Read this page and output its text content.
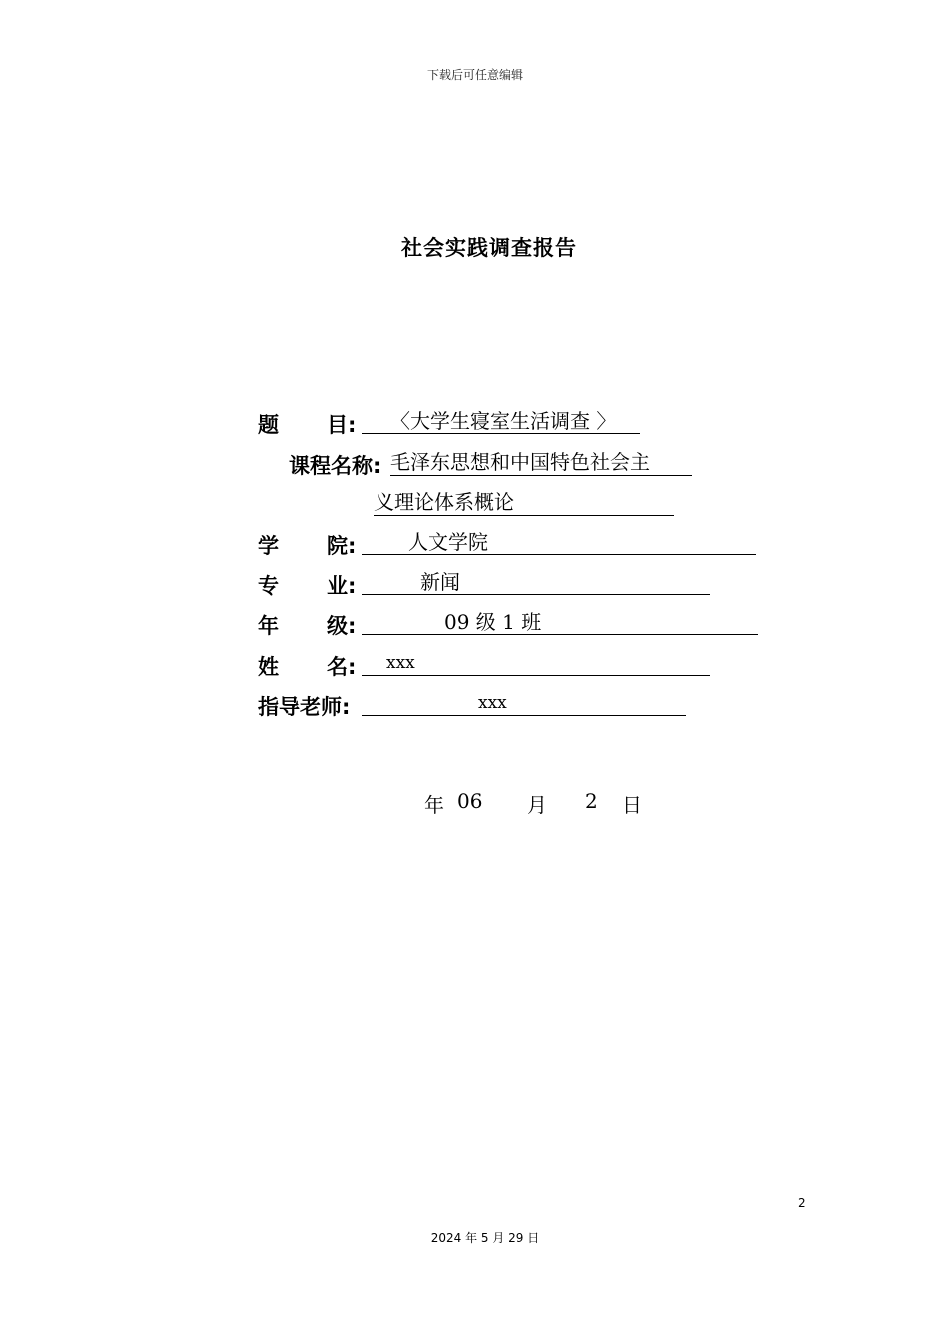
下载后可任意编辑
社会实践调查报告
题 目:	〈大学生寝室生活调查 〉
课程名称: 毛泽东思想和中国特色社会主
义理论体系概论
学 院:	人文学院
专 业:	新闻
年 级:	09 级 1 班
姓 名:	xxx
指导老师:	xxx
年 06 月 2 日
2
2024 年 5 月 29 日
